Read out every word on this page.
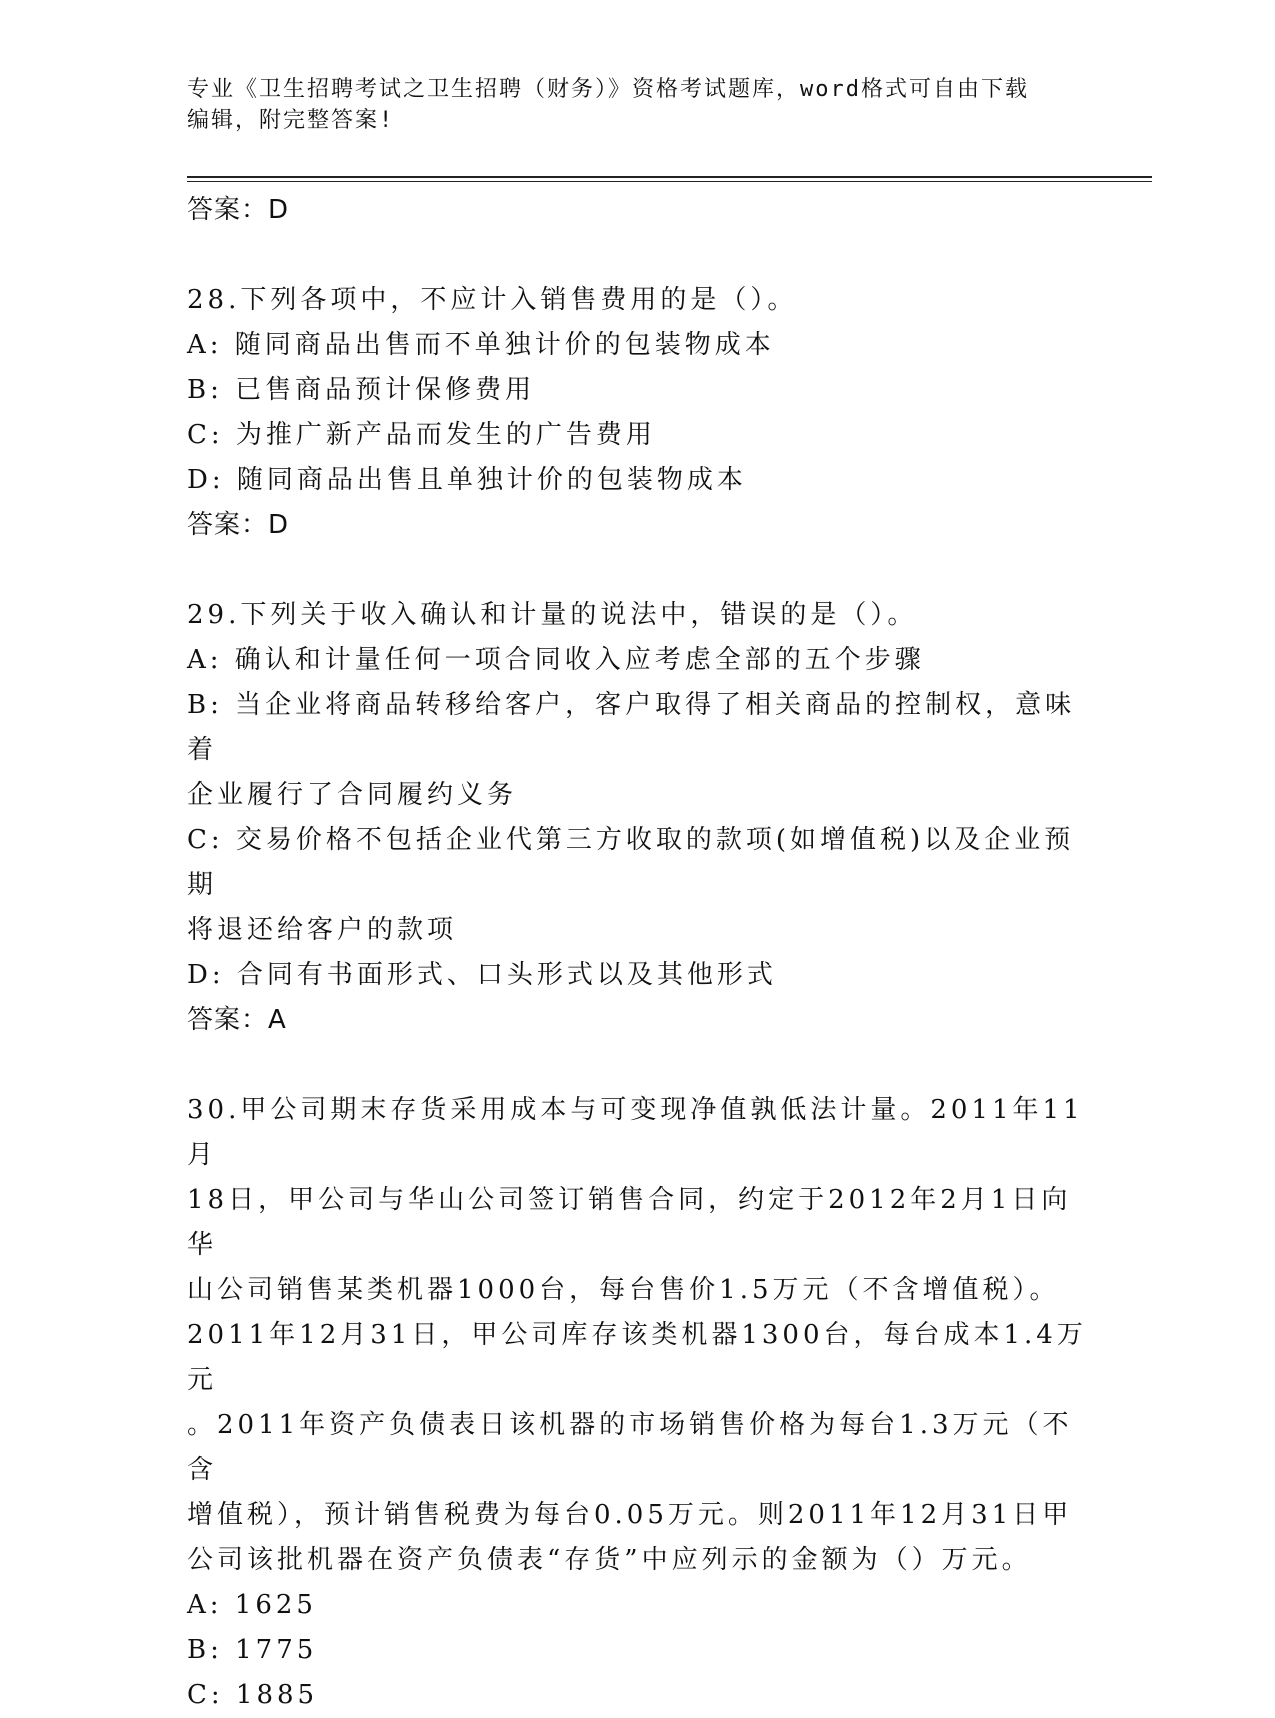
专业《卫生招聘考试之卫生招聘（财务）》资格考试题库，word格式可自由下载
编辑，附完整答案!
答案：D
28.下列各项中，不应计入销售费用的是（）。
A: 随同商品出售而不单独计价的包装物成本
B: 已售商品预计保修费用
C: 为推广新产品而发生的广告费用
D: 随同商品出售且单独计价的包装物成本
答案：D
29.下列关于收入确认和计量的说法中，错误的是（）。
A: 确认和计量任何一项合同收入应考虑全部的五个步骤
B: 当企业将商品转移给客户，客户取得了相关商品的控制权，意味着
企业履行了合同履约义务
C: 交易价格不包括企业代第三方收取的款项(如增值税)以及企业预期
将退还给客户的款项
D: 合同有书面形式、口头形式以及其他形式
答案：A
30.甲公司期末存货采用成本与可变现净值孰低法计量。2011年11月
18日，甲公司与华山公司签订销售合同，约定于2012年2月1日向华
山公司销售某类机器1000台，每台售价1.5万元（不含增值税）。
2011年12月31日，甲公司库存该类机器1300台，每台成本1.4万元
。2011年资产负债表日该机器的市场销售价格为每台1.3万元（不含
增值税），预计销售税费为每台0.05万元。则2011年12月31日甲
公司该批机器在资产负债表“存货”中应列示的金额为（）万元。
A: 1625
B: 1775
C: 1885
